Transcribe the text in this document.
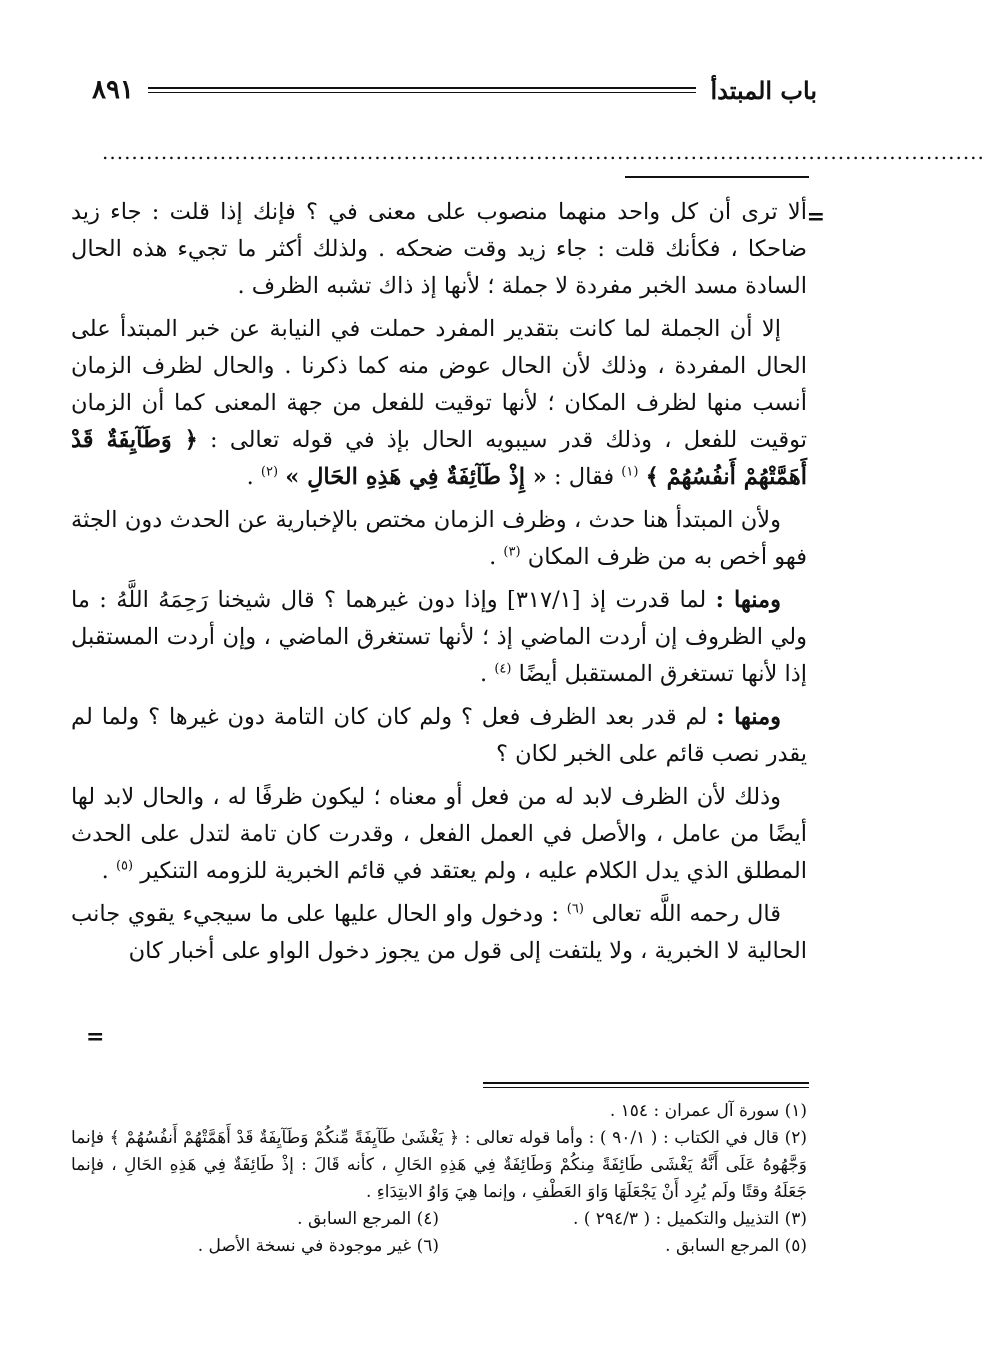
باب المبتدأ
٨٩١
........................................................................................................................
=

ألا ترى أن كل واحد منهما منصوب على معنى في ؟ فإنك إذا قلت : جاء زيد ضاحكا ، فكأنك قلت : جاء زيد وقت ضحكه . ولذلك أكثر ما تجيء هذه الحال السادة مسد الخبر مفردة لا جملة ؛ لأنها إذ ذاك تشبه الظرف .

إلا أن الجملة لما كانت بتقدير المفرد حملت في النيابة عن خبر المبتدأ على الحال المفردة ، وذلك لأن الحال عوض منه كما ذكرنا . والحال لظرف الزمان أنسب منها لظرف المكان ؛ لأنها توقيت للفعل من جهة المعنى كما أن الزمان توقيت للفعل ، وذلك قدر سيبويه الحال بإذ في قوله تعالى : ﴿ وَطَآيِفَةٌ قَدْ أَهَمَّتْهُمْ أَنفُسُهُمْ ﴾ $^{(١)}$ فقال : « إِذْ طَآئِفَةٌ فِي هَذِهِ الحَالِ » $^{(٢)}$ .

ولأن المبتدأ هنا حدث ، وظرف الزمان مختص بالإخبارية عن الحدث دون الجثة فهو أخص به من ظرف المكان $^{(٣)}$ .

ومنها : لما قدرت إذ [٣١٧/١] وإذا دون غيرهما ؟ قال شيخنا رَحِمَهُ اللَّهُ : ما ولي الظروف إن أردت الماضي إذ ؛ لأنها تستغرق الماضي ، وإن أردت المستقبل إذا لأنها تستغرق المستقبل أيضًا $^{(٤)}$ .

ومنها : لم قدر بعد الظرف فعل ؟ ولم كان كان التامة دون غيرها ؟ ولما لم يقدر نصب قائم على الخبر لكان ؟

وذلك لأن الظرف لابد له من فعل أو معناه ؛ ليكون ظرفًا له ، والحال لابد لها أيضًا من عامل ، والأصل في العمل الفعل ، وقدرت كان تامة لتدل على الحدث المطلق الذي يدل الكلام عليه ، ولم يعتقد في قائم الخبرية للزومه التنكير $^{(٥)}$ .

قال رحمه اللَّه تعالى $^{(٦)}$ : ودخول واو الحال عليها على ما سيجيء يقوي جانب الحالية لا الخبرية ، ولا يلتفت إلى قول من يجوز دخول الواو على أخبار كان

=

(١) سورة آل عمران : ١٥٤ .

(٢) قال في الكتاب : ( ٩٠/١ ) : وأما قوله تعالى : ﴿ يَغْشَىٰ طَآيِفَةً مِّنكُمْ وَطَآيِفَةٌ قَدْ أَهَمَّتْهُمْ أَنفُسُهُمْ ﴾ فإنما وَجَّهُوهُ عَلَى أَنَّهُ يَغْشَى طَائِفَةً مِنكُمْ وَطَائِفَةٌ فِي هَذِهِ الحَالِ ، كأنه قَالَ : إذْ طَائِفَةٌ فِي هَذِهِ الحَالِ ، فإنما جَعَلَهُ وقتًا ولَم يُرِد أَنْ يَجْعَلَهَا وَاوَ العَطْفِ ، وإنما هِيَ وَاوُ الابتِدَاءِ .

(٣) التذييل والتكميل : ( ٢٩٤/٣ ) .

(٤) المرجع السابق .

(٥) المرجع السابق .

(٦) غير موجودة في نسخة الأصل .
